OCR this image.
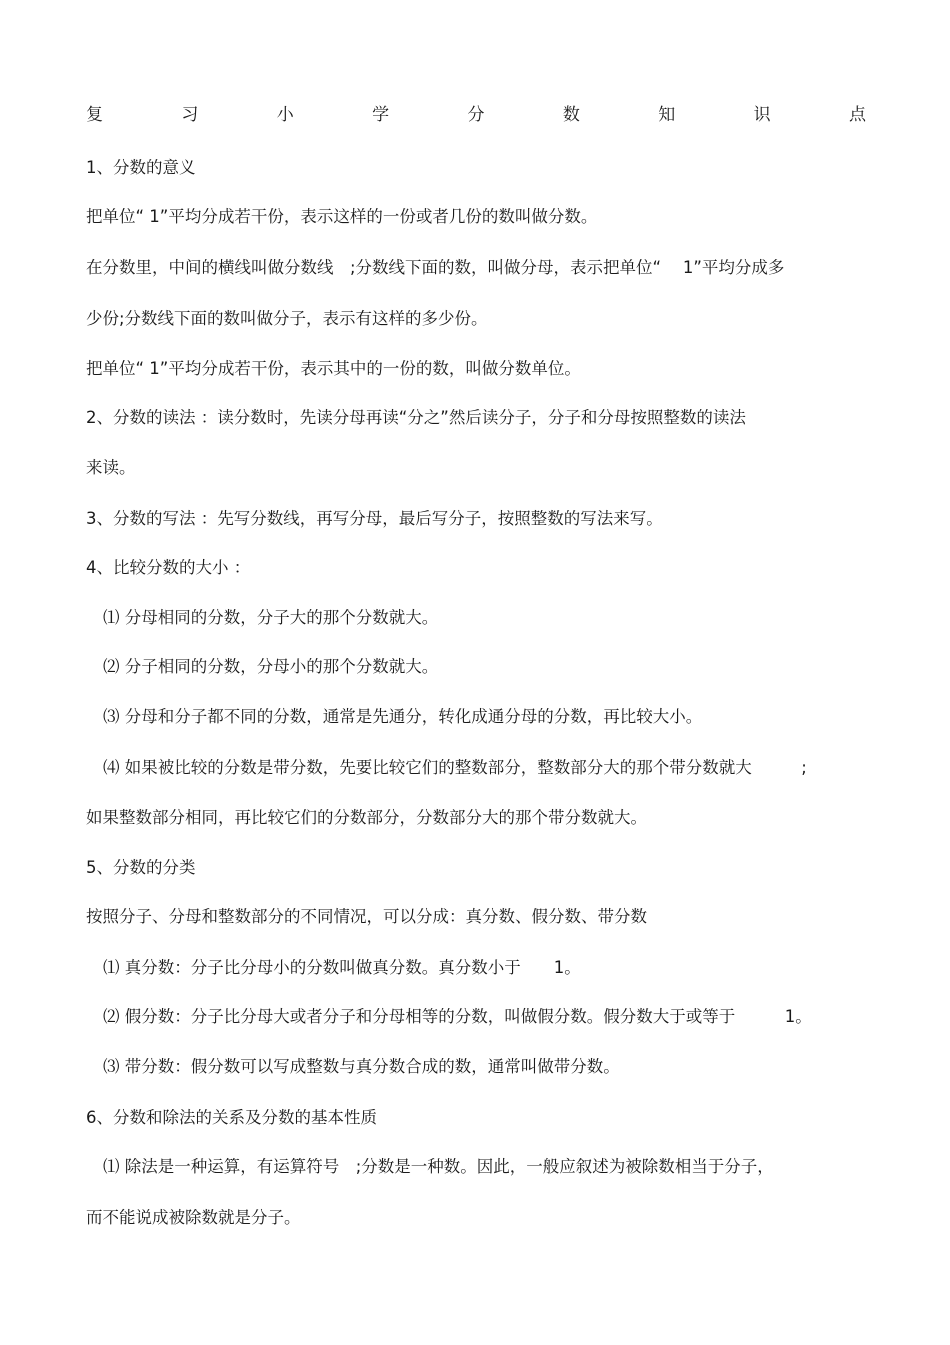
复	习	小	学	分	数	知	识	点
1、分数的意义
把单位“ 1”平均分成若干份，表示这样的一份或者几份的数叫做分数。
在分数里，中间的横线叫做分数线　;分数线下面的数，叫做分母，表示把单位“　 1”平均分成多
少份;分数线下面的数叫做分子，表示有这样的多少份。
把单位“ 1”平均分成若干份，表示其中的一份的数，叫做分数单位。
2、分数的读法 ：读分数时，先读分母再读“分之”然后读分子，分子和分母按照整数的读法
来读。
3、分数的写法 ：先写分数线，再写分母，最后写分子，按照整数的写法来写。
4、比较分数的大小 ：
⑴ 分母相同的分数，分子大的那个分数就大。
⑵ 分子相同的分数，分母小的那个分数就大。
⑶ 分母和分子都不同的分数，通常是先通分，转化成通分母的分数，再比较大小。
⑷ 如果被比较的分数是带分数，先要比较它们的整数部分，整数部分大的那个带分数就大　　　;
如果整数部分相同，再比较它们的分数部分，分数部分大的那个带分数就大。
5、分数的分类
按照分子、分母和整数部分的不同情况，可以分成：真分数、假分数、带分数
⑴ 真分数：分子比分母小的分数叫做真分数。真分数小于　　1。
⑵ 假分数：分子比分母大或者分子和分母相等的分数，叫做假分数。假分数大于或等于　　　1。
⑶ 带分数：假分数可以写成整数与真分数合成的数，通常叫做带分数。
6、分数和除法的关系及分数的基本性质
⑴ 除法是一种运算，有运算符号　;分数是一种数。因此，一般应叙述为被除数相当于分子，
而不能说成被除数就是分子。
